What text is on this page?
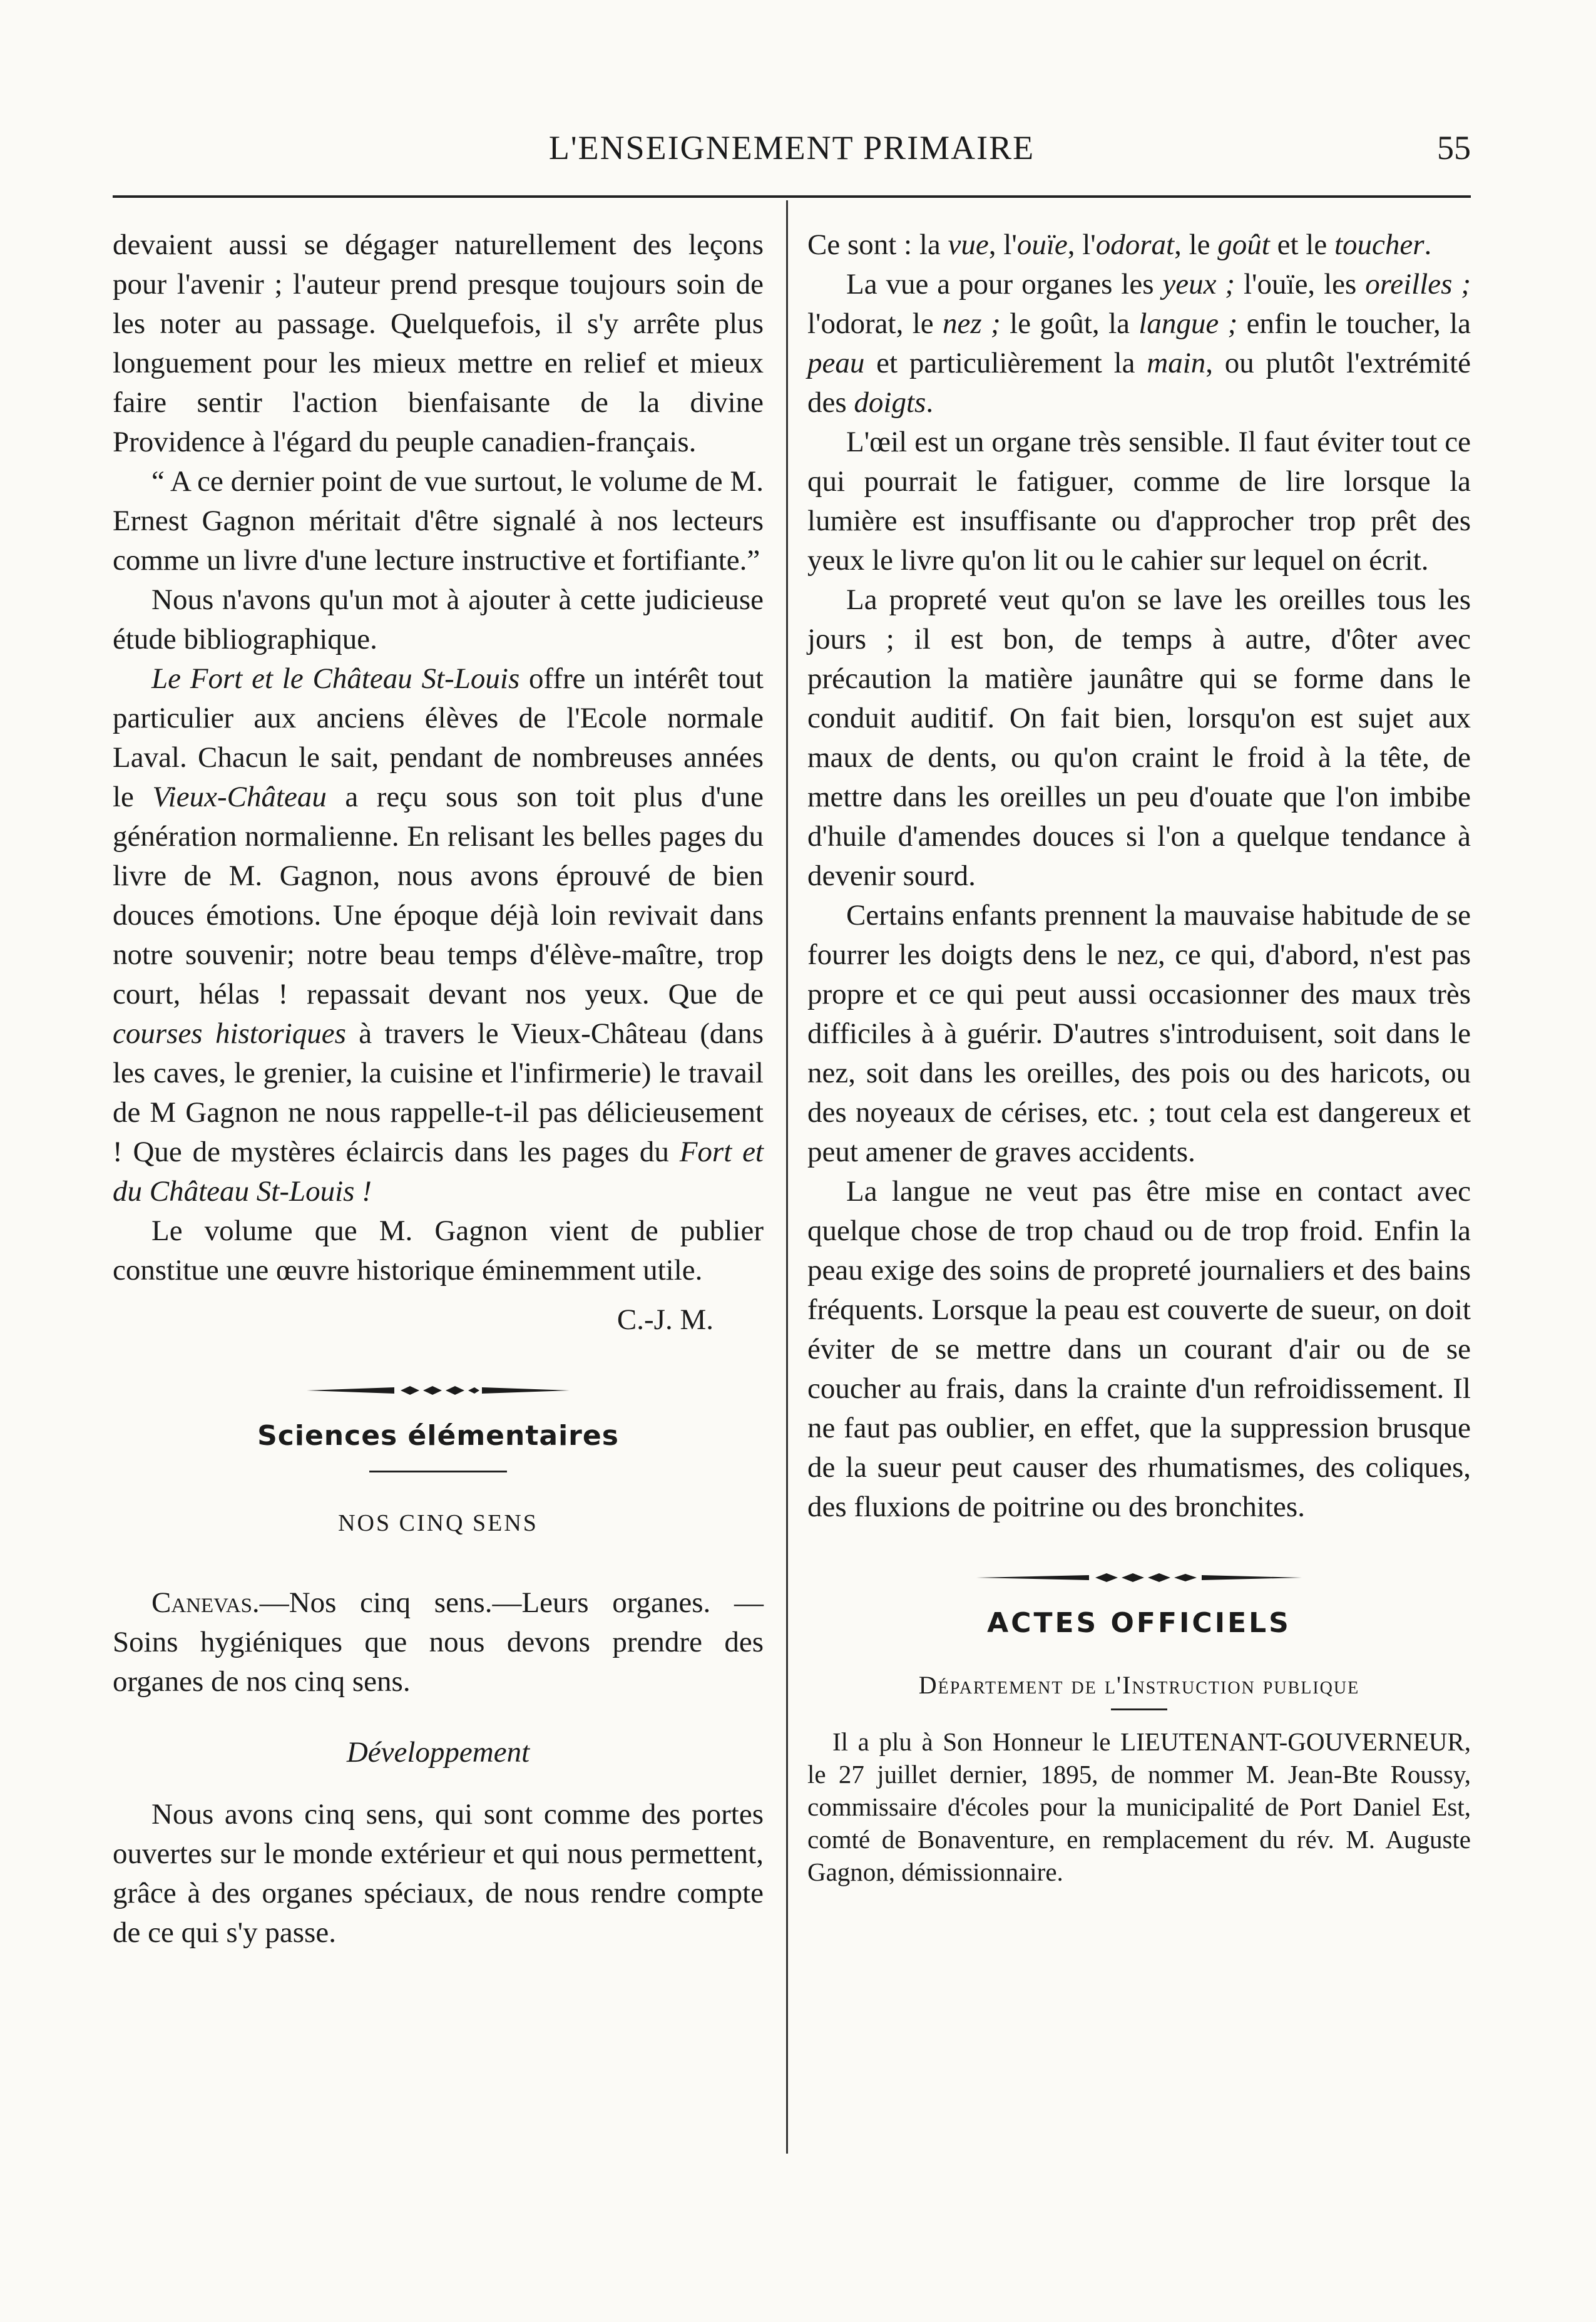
L'ENSEIGNEMENT PRIMAIRE	55

devaient aussi se dégager naturellement des leçons pour l'avenir ; l'auteur prend presque toujours soin de les noter au passage. Quelquefois, il s'y arrête plus longuement pour les mieux mettre en relief et mieux faire sentir l'action bienfaisante de la divine Providence à l'égard du peuple canadien-français.

“ A ce dernier point de vue surtout, le volume de M. Ernest Gagnon méritait d'être signalé à nos lecteurs comme un livre d'une lecture instructive et fortifiante.”

Nous n'avons qu'un mot à ajouter à cette judicieuse étude bibliographique.

Le Fort et le Château St-Louis offre un intérêt tout particulier aux anciens élèves de l'Ecole normale Laval. Chacun le sait, pendant de nombreuses années le Vieux-Château a reçu sous son toit plus d'une génération normalienne. En relisant les belles pages du livre de M. Gagnon, nous avons éprouvé de bien douces émotions. Une époque déjà loin revivait dans notre souvenir; notre beau temps d'élève-maître, trop court, hélas ! repassait devant nos yeux. Que de courses historiques à travers le Vieux-Château (dans les caves, le grenier, la cuisine et l'infirmerie) le travail de M Gagnon ne nous rappelle-t-il pas délicieusement ! Que de mystères éclaircis dans les pages du Fort et du Château St-Louis !

Le volume que M. Gagnon vient de publier constitue une œuvre historique éminemment utile.

C.-J. M.
Sciences élémentaires
NOS CINQ SENS

Canevas.—Nos cinq sens.—Leurs organes. —Soins hygiéniques que nous devons prendre des organes de nos cinq sens.

Développement

Nous avons cinq sens, qui sont comme des portes ouvertes sur le monde extérieur et qui nous permettent, grâce à des organes spéciaux, de nous rendre compte de ce qui s'y passe.

Ce sont : la vue, l'ouïe, l'odorat, le goût et le toucher.

La vue a pour organes les yeux ; l'ouïe, les oreilles ; l'odorat, le nez ; le goût, la langue ; enfin le toucher, la peau et particulièrement la main, ou plutôt l'extrémité des doigts.

L'œil est un organe très sensible. Il faut éviter tout ce qui pourrait le fatiguer, comme de lire lorsque la lumière est insuffisante ou d'approcher trop prêt des yeux le livre qu'on lit ou le cahier sur lequel on écrit.

La propreté veut qu'on se lave les oreilles tous les jours ; il est bon, de temps à autre, d'ôter avec précaution la matière jaunâtre qui se forme dans le conduit auditif. On fait bien, lorsqu'on est sujet aux maux de dents, ou qu'on craint le froid à la tête, de mettre dans les oreilles un peu d'ouate que l'on imbibe d'huile d'amendes douces si l'on a quelque tendance à devenir sourd.

Certains enfants prennent la mauvaise habitude de se fourrer les doigts dens le nez, ce qui, d'abord, n'est pas propre et ce qui peut aussi occasionner des maux très difficiles à à guérir. D'autres s'introduisent, soit dans le nez, soit dans les oreilles, des pois ou des haricots, ou des noyeaux de cérises, etc. ; tout cela est dangereux et peut amener de graves accidents.

La langue ne veut pas être mise en contact avec quelque chose de trop chaud ou de trop froid. Enfin la peau exige des soins de propreté journaliers et des bains fréquents. Lorsque la peau est couverte de sueur, on doit éviter de se mettre dans un courant d'air ou de se coucher au frais, dans la crainte d'un refroidissement. Il ne faut pas oublier, en effet, que la suppression brusque de la sueur peut causer des rhumatismes, des coliques, des fluxions de poitrine ou des bronchites.

ACTES OFFICIELS
Département de l'Instruction publique

Il a plu à Son Honneur le LIEUTENANT-GOUVERNEUR, le 27 juillet dernier, 1895, de nommer M. Jean-Bte Roussy, commissaire d'écoles pour la municipalité de Port Daniel Est, comté de Bonaventure, en remplacement du rév. M. Auguste Gagnon, démissionnaire.
